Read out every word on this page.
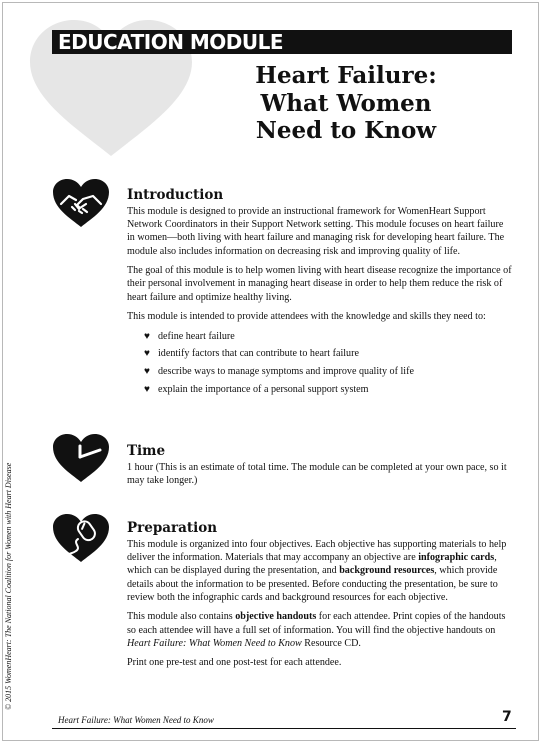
EDUCATION MODULE
Heart Failure:
What Women
Need to Know
Introduction

This module is designed to provide an instructional framework for WomenHeart Support Network Coordinators in their Support Network setting. This module focuses on heart failure in women—both living with heart failure and managing risk for developing heart failure. The module also includes information on decreasing risk and improving quality of life.

The goal of this module is to help women living with heart disease recognize the importance of their personal involvement in managing heart disease in order to help them reduce the risk of heart failure and optimize healthy living.

This module is intended to provide attendees with the knowledge and skills they need to:

♥ define heart failure
♥ identify factors that can contribute to heart failure
♥ describe ways to manage symptoms and improve quality of life
♥ explain the importance of a personal support system
Time

1 hour (This is an estimate of total time. The module can be completed at your own pace, so it may take longer.)

Preparation

This module is organized into four objectives. Each objective has supporting materials to help deliver the information. Materials that may accompany an objective are infographic cards, which can be displayed during the presentation, and background resources, which provide details about the information to be presented. Before conducting the presentation, be sure to review both the infographic cards and background resources for each objective.

This module also contains objective handouts for each attendee. Print copies of the handouts so each attendee will have a full set of information. You will find the objective handouts on Heart Failure: What Women Need to Know Resource CD.

Print one pre-test and one post-test for each attendee.

© 2015 WomenHeart: The National Coalition for Women with Heart Disease
Heart Failure: What Women Need to Know	7
